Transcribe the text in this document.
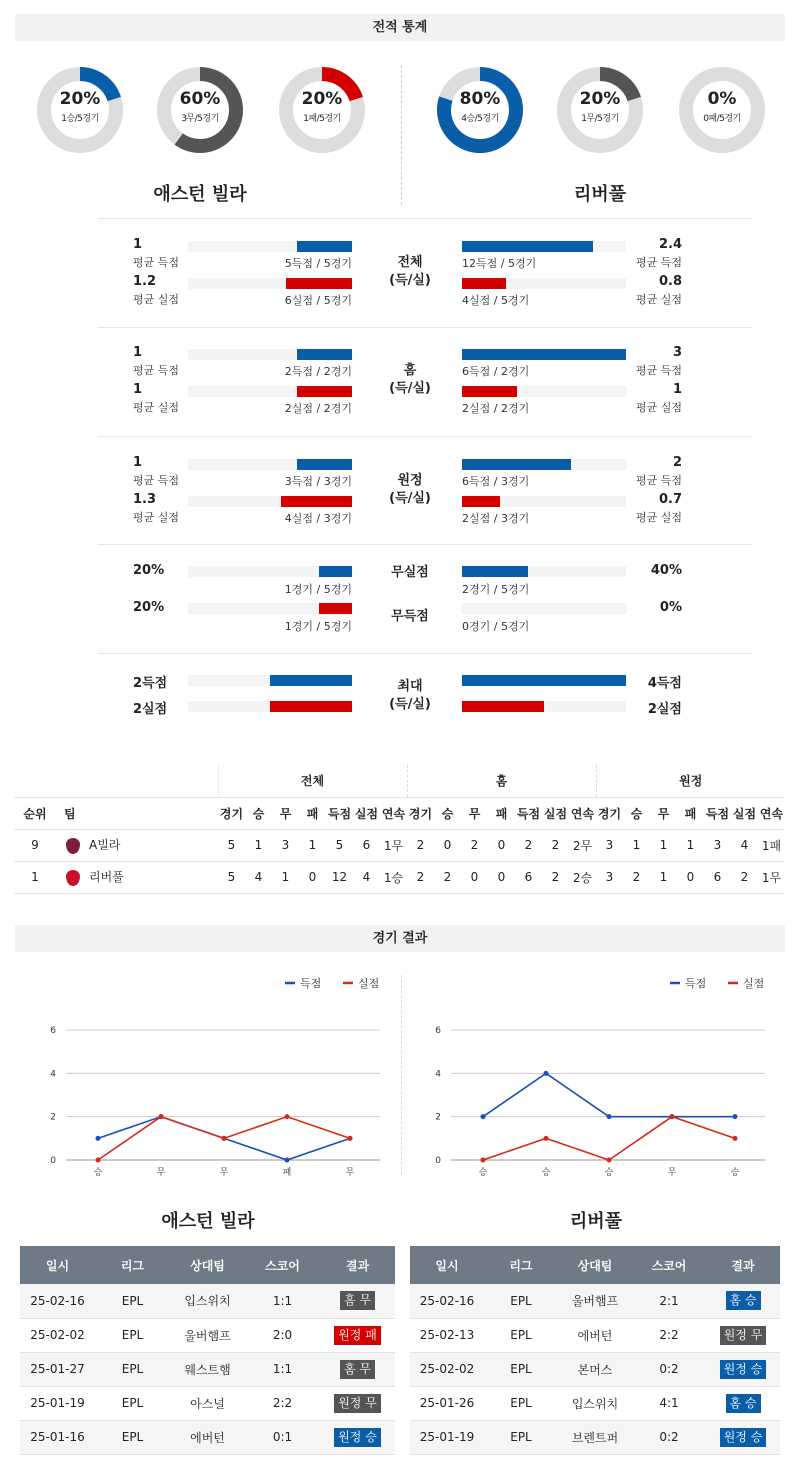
전적 통계
애스턴 빌라	리버풀
전체
(득/실)
1
평균 득점	5득점 / 5경기
2.4
평균 득점
12득점 / 5경기
1.2
평균 실점	6실점 / 5경기
0.8
평균 실점
4실점 / 5경기
홈
(득/실)
1
평균 득점	2득점 / 2경기
3
평균 득점
6득점 / 2경기
1
평균 실점	2실점 / 2경기
1
평균 실점
2실점 / 2경기
원정
(득/실)
1
평균 득점	3득점 / 3경기
2
평균 득점
6득점 / 3경기
1.3
평균 실점	4실점 / 3경기
0.7
평균 실점
2실점 / 3경기
20%
1경기 / 5경기
40%
2경기 / 5경기
무실점
20%
1경기 / 5경기
0%
0경기 / 5경기
무득점
최대
(득/실)
2득점	4득점
2실점	2실점
		전체							홈							원정						
순위	팀	경기	승	무	패	득점	실점	연속	경기	승	무	패	득점	실점	연속	경기	승	무	패	득점	실점	연속
9	A빌라	5	1	3	1	5	6	1무	2	0	2	0	2	2	2무	3	1	1	1	3	4	1패
1	리버풀	5	4	1	0	12	4	1승	2	2	0	0	6	2	2승	3	2	1	0	6	2	1무
경기 결과
0
2
4
6
승	무	무	패	무
득점	실점
0
2
4
6
승	승	승	무	승
득점	실점
애스턴 빌라	리버풀
일시	리그	상대팀	스코어	결과
25-02-16	EPL	입스위치	1:1	홈 무
25-02-02	EPL	울버햄프	2:0	원정 패
25-01-27	EPL	웨스트햄	1:1	홈 무
25-01-19	EPL	아스널	2:2	원정 무
25-01-16	EPL	에버턴	0:1	원정 승
일시	리그	상대팀	스코어	결과
25-02-16	EPL	울버햄프	2:1	홈 승
25-02-13	EPL	에버턴	2:2	원정 무
25-02-02	EPL	본머스	0:2	원정 승
25-01-26	EPL	입스위치	4:1	홈 승
25-01-19	EPL	브렌트퍼	0:2	원정 승
20%
1승/5경기
60%
3무/5경기
20%
1패/5경기
80%
4승/5경기
20%
1무/5경기
0%
0패/5경기
